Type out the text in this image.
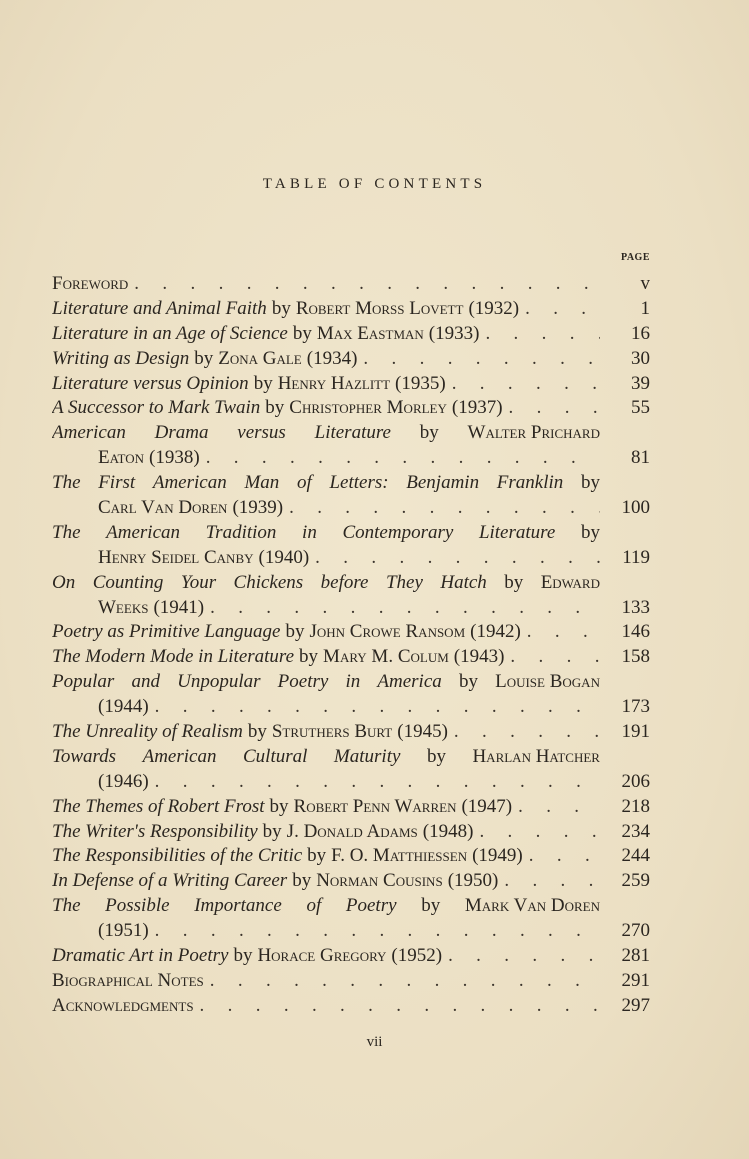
TABLE OF CONTENTS
PAGE
Foreword . . .	v
Literature and Animal Faith by Robert Morss Lovett (1932) . . .	1
Literature in an Age of Science by Max Eastman (1933) . . .	16
Writing as Design by Zona Gale (1934) . . .	30
Literature versus Opinion by Henry Hazlitt (1935) . . .	39
A Successor to Mark Twain by Christopher Morley (1937) . . .	55
American Drama versus Literature by Walter Prichard
Eaton (1938) . . .	81
The First American Man of Letters: Benjamin Franklin by
Carl Van Doren (1939) . . .	100
The American Tradition in Contemporary Literature by
Henry Seidel Canby (1940) . . .	119
On Counting Your Chickens before They Hatch by Edward
Weeks (1941) . . .	133
Poetry as Primitive Language by John Crowe Ransom (1942) . . .	146
The Modern Mode in Literature by Mary M. Colum (1943) . . .	158
Popular and Unpopular Poetry in America by Louise Bogan
(1944) . . .	173
The Unreality of Realism by Struthers Burt (1945) . . .	191
Towards American Cultural Maturity by Harlan Hatcher
(1946) . . .	206
The Themes of Robert Frost by Robert Penn Warren (1947) . . .	218
The Writer's Responsibility by J. Donald Adams (1948) . . .	234
The Responsibilities of the Critic by F. O. Matthiessen (1949) . . .	244
In Defense of a Writing Career by Norman Cousins (1950) . . .	259
The Possible Importance of Poetry by Mark Van Doren
(1951) . . .	270
Dramatic Art in Poetry by Horace Gregory (1952) . . .	281
Biographical Notes . . .	291
Acknowledgments . . .	297
vii
